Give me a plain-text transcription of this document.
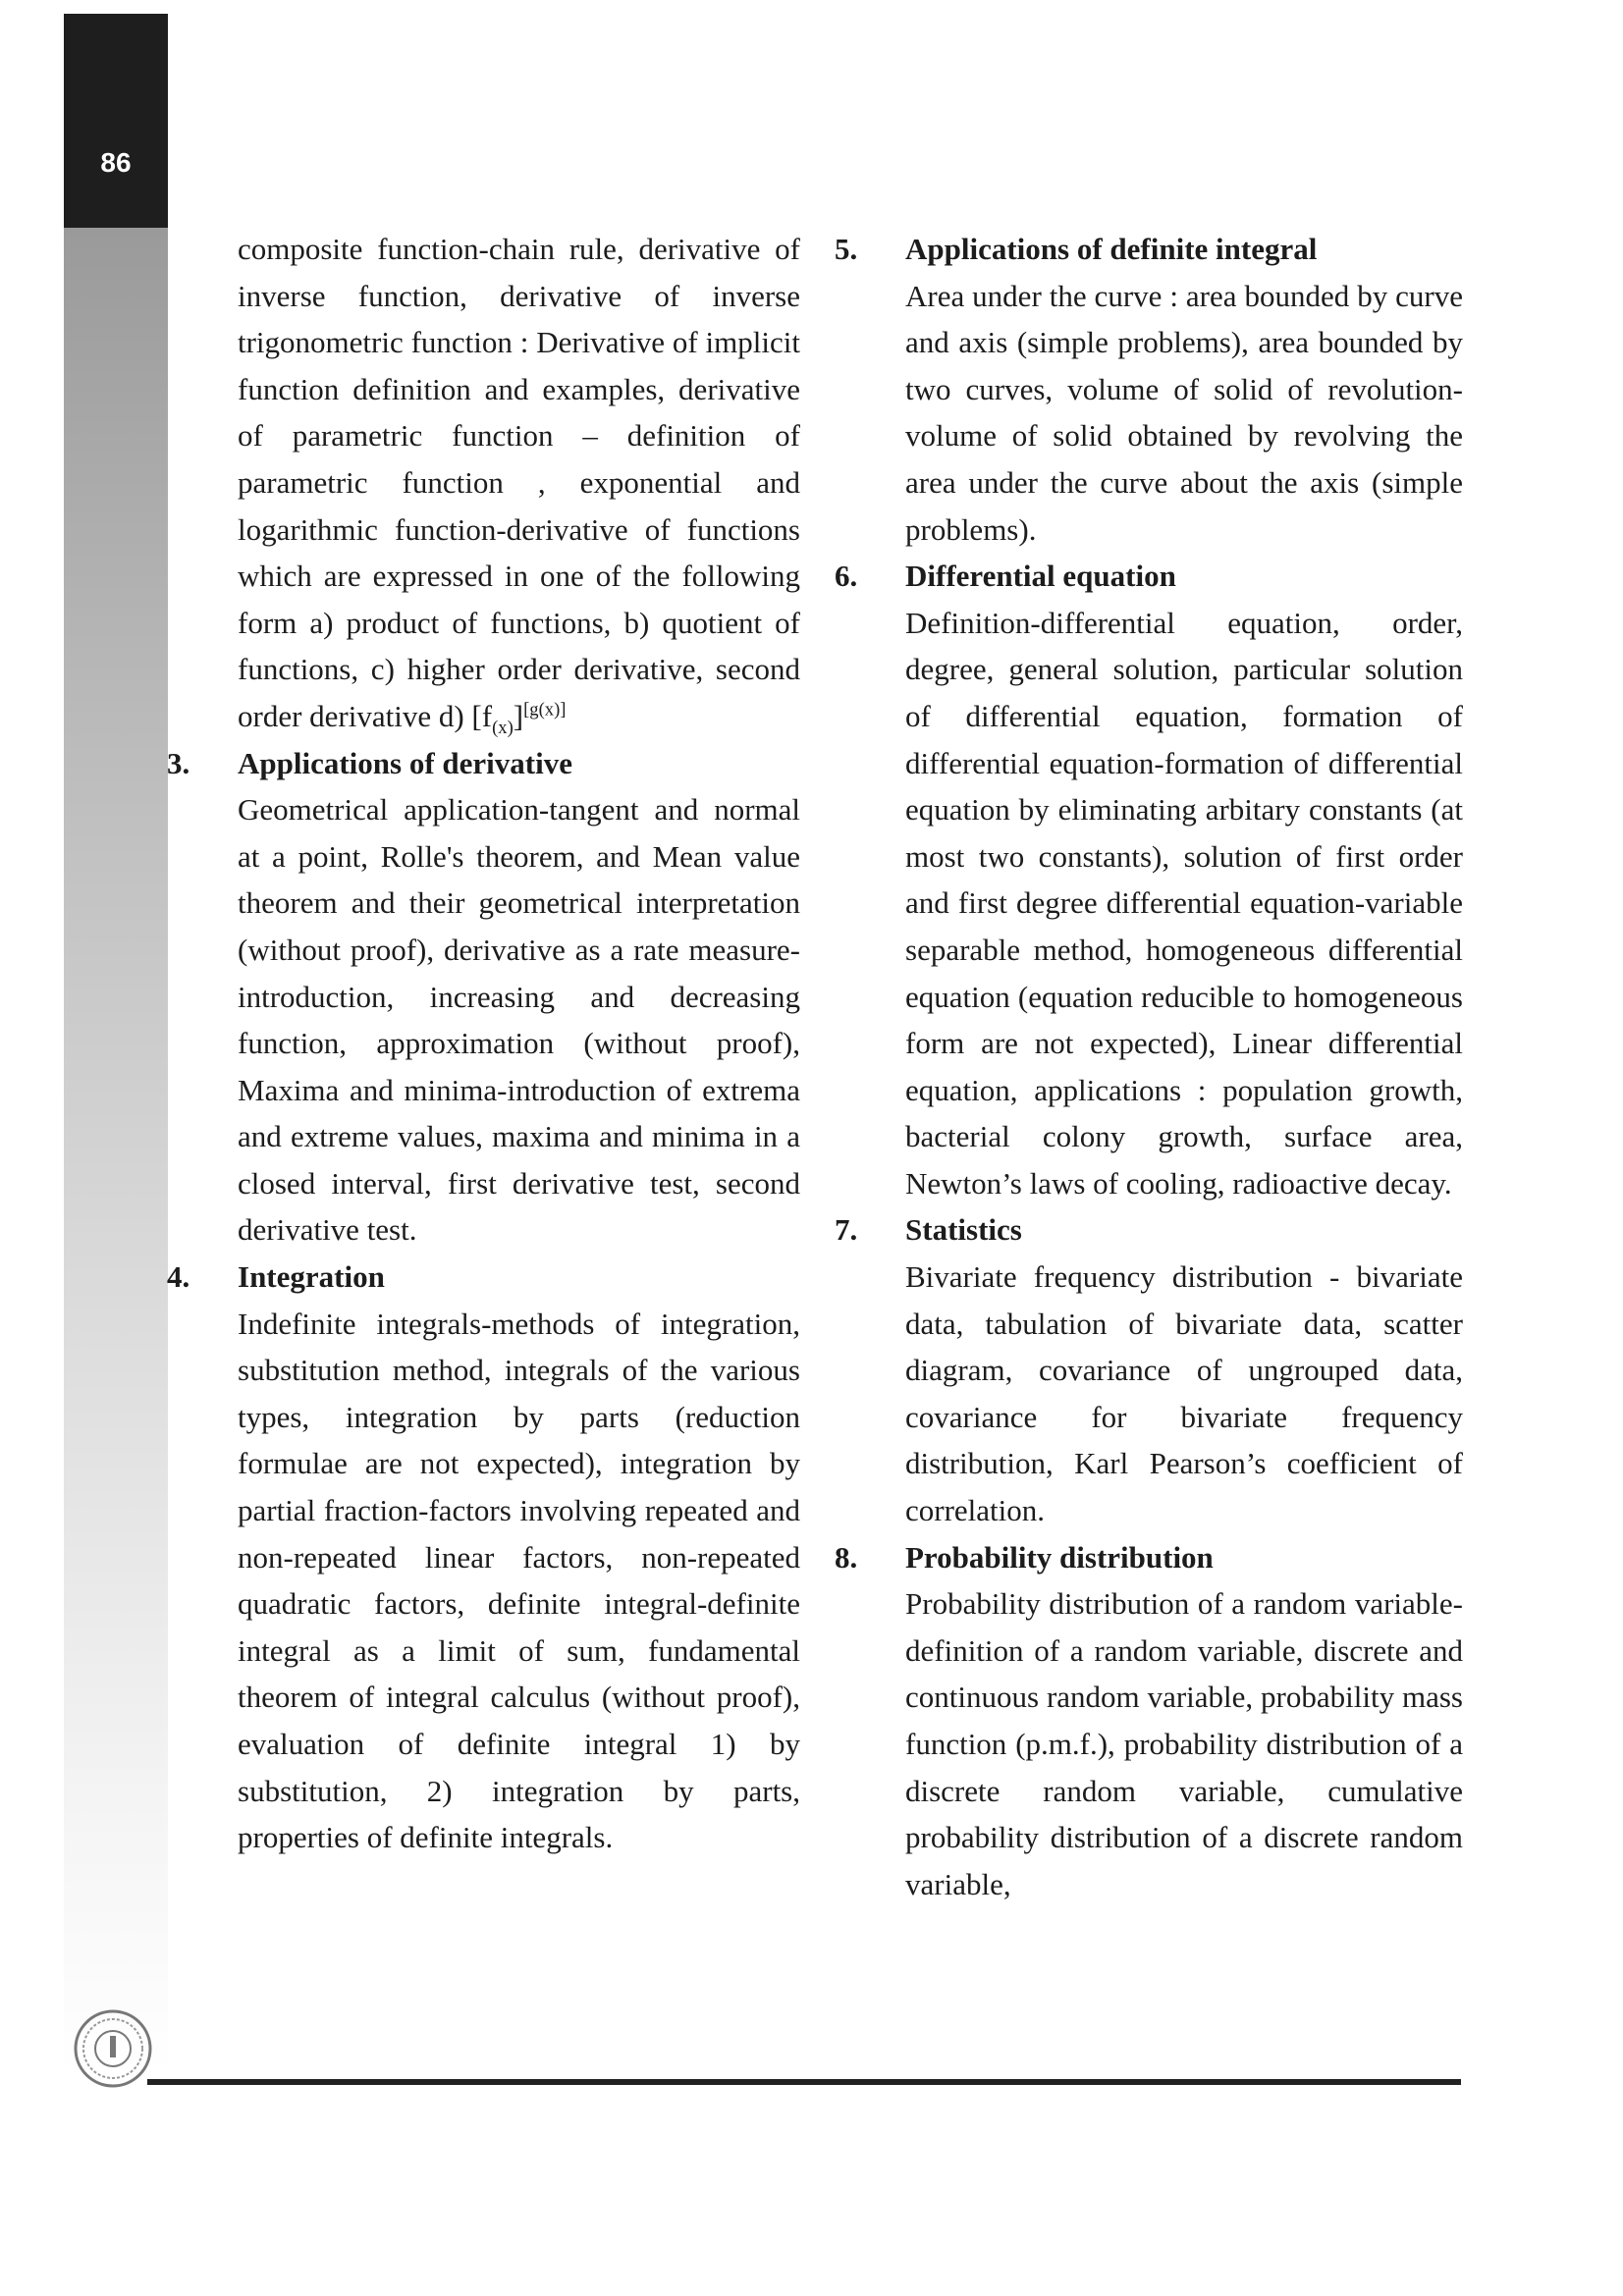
86

composite function-chain rule, derivative of inverse function, derivative of inverse trigonometric function : Derivative of implicit function definition and examples, derivative of parametric function – definition of parametric function , exponential and logarithmic function-derivative of functions which are expressed in one of the following form a) product of functions, b) quotient of functions, c) higher order derivative, second order derivative d) $[f_{(x)}][g(x)]$

3.	Applications of derivative

Geometrical application-tangent and normal at a point, Rolle's theorem, and Mean value theorem and their geometrical interpretation (without proof), derivative as a rate measure-introduction, increasing and decreasing function, approximation (without proof), Maxima and minima-introduction of extrema and extreme values, maxima and minima in a closed interval, first derivative test, second derivative test.

4.	Integration

Indefinite integrals-methods of integration, substitution method, integrals of the various types, integration by parts (reduction formulae are not expected), integration by partial fraction-factors involving repeated and non-repeated linear factors, non-repeated quadratic factors, definite integral-definite integral as a limit of sum, fundamental theorem of integral calculus (without proof), evaluation of definite integral 1) by substitution, 2) integration by parts, properties of definite integrals.

5.	Applications of definite integral

Area under the curve : area bounded by curve and axis (simple problems), area bounded by two curves, volume of solid of revolution-volume of solid obtained by revolving the area under the curve about the axis (simple problems).

6.	Differential equation

Definition-differential equation, order, degree, general solution, particular solution of differential equation, formation of differential equation-formation of differential equation by eliminating arbitary constants (at most two constants), solution of first order and first degree differential equation-variable separable method, homogeneous differential equation (equation reducible to homogeneous form are not expected), Linear differential equation, applications : population growth, bacterial colony growth, surface area, Newton’s laws of cooling, radioactive decay.

7.	Statistics

Bivariate frequency distribution - bivariate data, tabulation of bivariate data, scatter diagram, covariance of ungrouped data, covariance for bivariate frequency distribution, Karl Pearson’s coefficient of correlation.

8.	Probability distribution

Probability distribution of a random variable-definition of a random variable, discrete and continuous random variable, probability mass function (p.m.f.), probability distribution of a discrete random variable, cumulative probability distribution of a discrete random variable,
